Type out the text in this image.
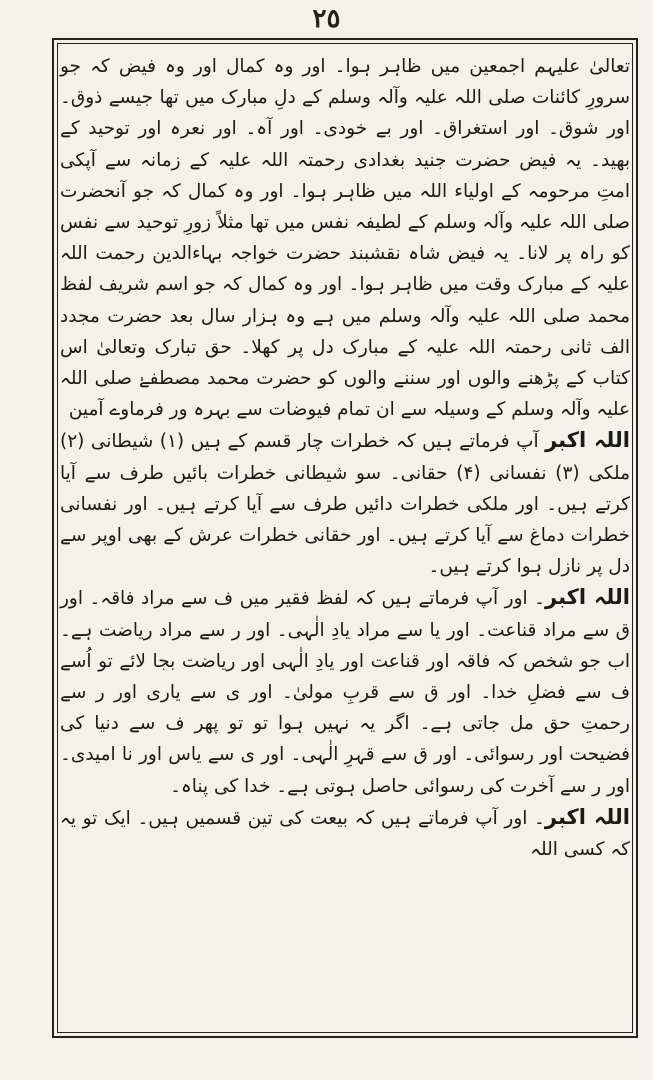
٢٥

تعالیٰ علیہم اجمعین میں ظاہر ہوا۔ اور وہ کمال اور وہ فیض کہ جو سرورِ کائنات صلی اللہ علیہ وآلہ وسلم کے دلِ مبارک میں تھا جیسے ذوق۔ اور شوق۔ اور استغراق۔ اور بے خودی۔ اور آہ۔ اور نعرہ اور توحید کے بھید۔ یہ فیض حضرت جنید بغدادی رحمتہ اللہ علیہ کے زمانہ سے آپکی امتِ مرحومہ کے اولیاء اللہ میں ظاہر ہوا۔ اور وہ کمال کہ جو آنحضرت صلی اللہ علیہ وآلہ وسلم کے لطیفہ نفس میں تھا مثلاً زورِ توحید سے نفس کو راہ پر لانا۔ یہ فیض شاہ نقشبند حضرت خواجہ بہاءالدین رحمت اللہ علیہ کے مبارک وقت میں ظاہر ہوا۔ اور وہ کمال کہ جو اسم شریف لفظ محمد صلی اللہ علیہ وآلہ وسلم میں ہے وہ ہزار سال بعد حضرت مجدد الف ثانی رحمتہ اللہ علیہ کے مبارک دل پر کھلا۔ حق تبارک وتعالیٰ اس کتاب کے پڑھنے والوں اور سننے والوں کو حضرت محمد مصطفےٰ صلی اللہ علیہ وآلہ وسلم کے وسیلہ سے ان تمام فیوضات سے بہرہ ور فرماوے آمین

اللہ اکبر آپ فرماتے ہیں کہ خطرات چار قسم کے ہیں (۱) شیطانی (۲) ملکی (۳) نفسانی (۴) حقانی۔ سو شیطانی خطرات بائیں طرف سے آیا کرتے ہیں۔ اور ملکی خطرات دائیں طرف سے آیا کرتے ہیں۔ اور نفسانی خطرات دماغ سے آیا کرتے ہیں۔ اور حقانی خطرات عرش کے بھی اوپر سے دل پر نازل ہوا کرتے ہیں۔

اللہ اکبر۔ اور آپ فرماتے ہیں کہ لفظ فقیر میں ف سے مراد فاقہ۔ اور ق سے مراد قناعت۔ اور یا سے مراد یادِ الٰہی۔ اور ر سے مراد ریاضت ہے۔ اب جو شخص کہ فاقہ اور قناعت اور یادِ الٰہی اور ریاضت بجا لائے تو اُسے ف سے فضلِ خدا۔ اور ق سے قربِ مولیٰ۔ اور ی سے یاری اور ر سے رحمتِ حق مل جاتی ہے۔ اگر یہ نہیں ہوا تو تو پھر ف سے دنیا کی فضیحت اور رسوائی۔ اور ق سے قہرِ الٰہی۔ اور ی سے یاس اور نا امیدی۔ اور ر سے آخرت کی رسوائی حاصل ہوتی ہے۔ خدا کی پناہ۔

اللہ اکبر۔ اور آپ فرماتے ہیں کہ بیعت کی تین قسمیں ہیں۔ ایک تو یہ کہ کسی اللہ
